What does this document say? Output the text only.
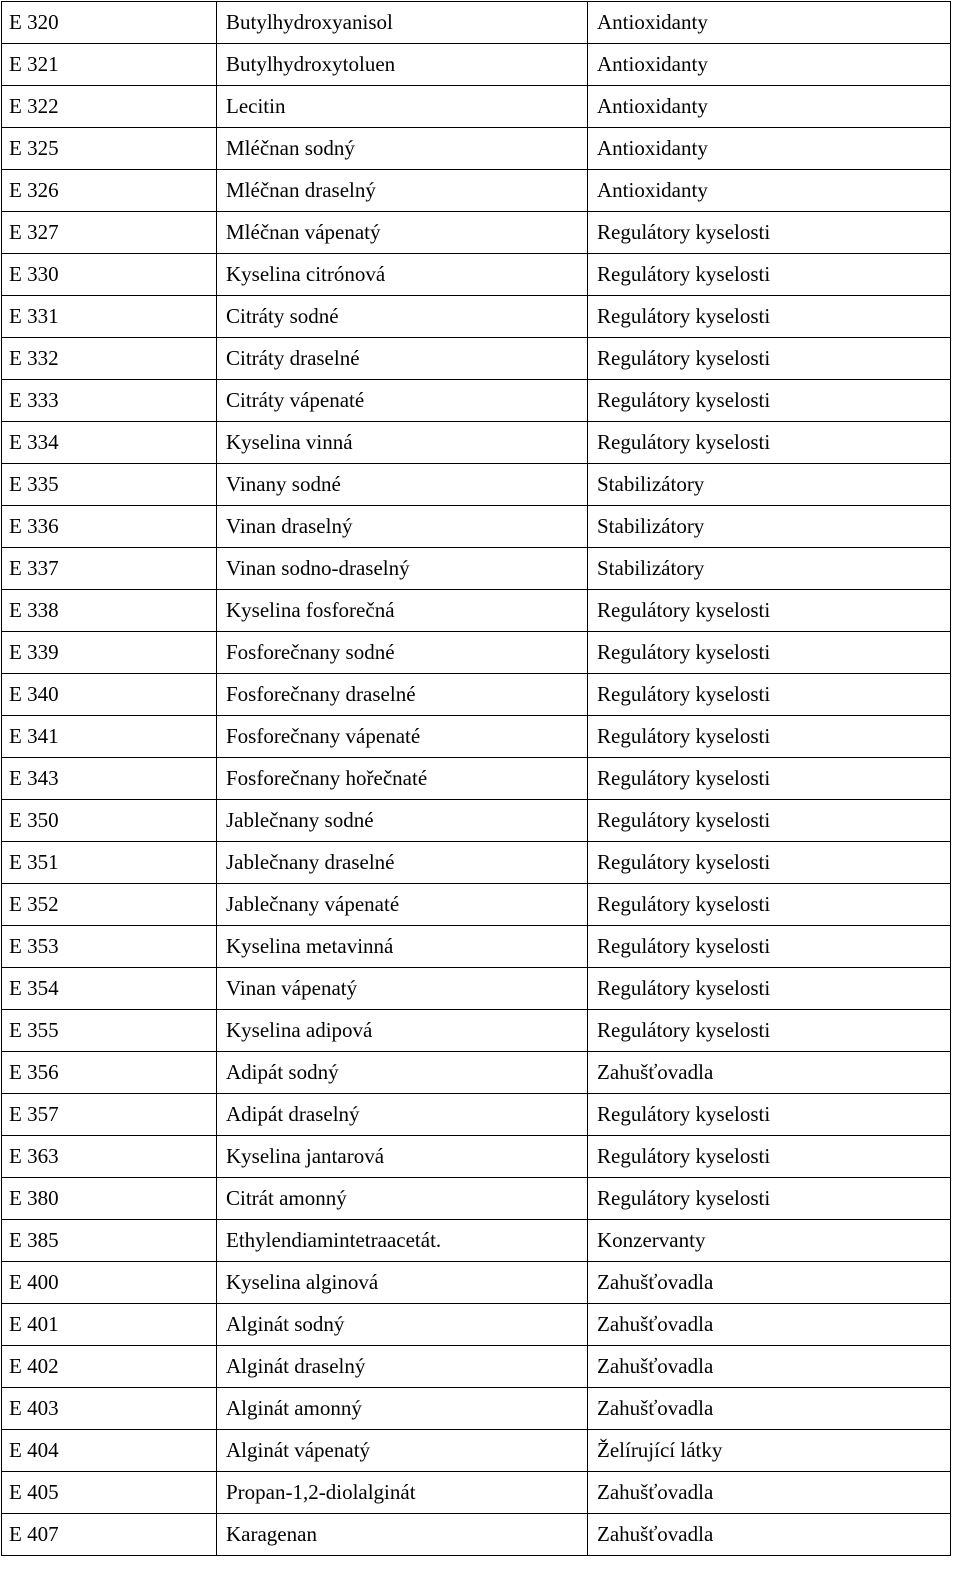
E 320	Butylhydroxyanisol	Antioxidanty
E 321	Butylhydroxytoluen	Antioxidanty
E 322	Lecitin	Antioxidanty
E 325	Mléčnan sodný	Antioxidanty
E 326	Mléčnan draselný	Antioxidanty
E 327	Mléčnan vápenatý	Regulátory kyselosti
E 330	Kyselina citrónová	Regulátory kyselosti
E 331	Citráty sodné	Regulátory kyselosti
E 332	Citráty draselné	Regulátory kyselosti
E 333	Citráty vápenaté	Regulátory kyselosti
E 334	Kyselina vinná	Regulátory kyselosti
E 335	Vinany sodné	Stabilizátory
E 336	Vinan draselný	Stabilizátory
E 337	Vinan sodno-draselný	Stabilizátory
E 338	Kyselina fosforečná	Regulátory kyselosti
E 339	Fosforečnany sodné	Regulátory kyselosti
E 340	Fosforečnany draselné	Regulátory kyselosti
E 341	Fosforečnany vápenaté	Regulátory kyselosti
E 343	Fosforečnany hořečnaté	Regulátory kyselosti
E 350	Jablečnany sodné	Regulátory kyselosti
E 351	Jablečnany draselné	Regulátory kyselosti
E 352	Jablečnany vápenaté	Regulátory kyselosti
E 353	Kyselina metavinná	Regulátory kyselosti
E 354	Vinan vápenatý	Regulátory kyselosti
E 355	Kyselina adipová	Regulátory kyselosti
E 356	Adipát sodný	Zahušťovadla
E 357	Adipát draselný	Regulátory kyselosti
E 363	Kyselina jantarová	Regulátory kyselosti
E 380	Citrát amonný	Regulátory kyselosti
E 385	Ethylendiamintetraacetát.	Konzervanty
E 400	Kyselina alginová	Zahušťovadla
E 401	Alginát sodný	Zahušťovadla
E 402	Alginát draselný	Zahušťovadla
E 403	Alginát amonný	Zahušťovadla
E 404	Alginát vápenatý	Želírující látky
E 405	Propan-1,2-diolalginát	Zahušťovadla
E 407	Karagenan	Zahušťovadla
